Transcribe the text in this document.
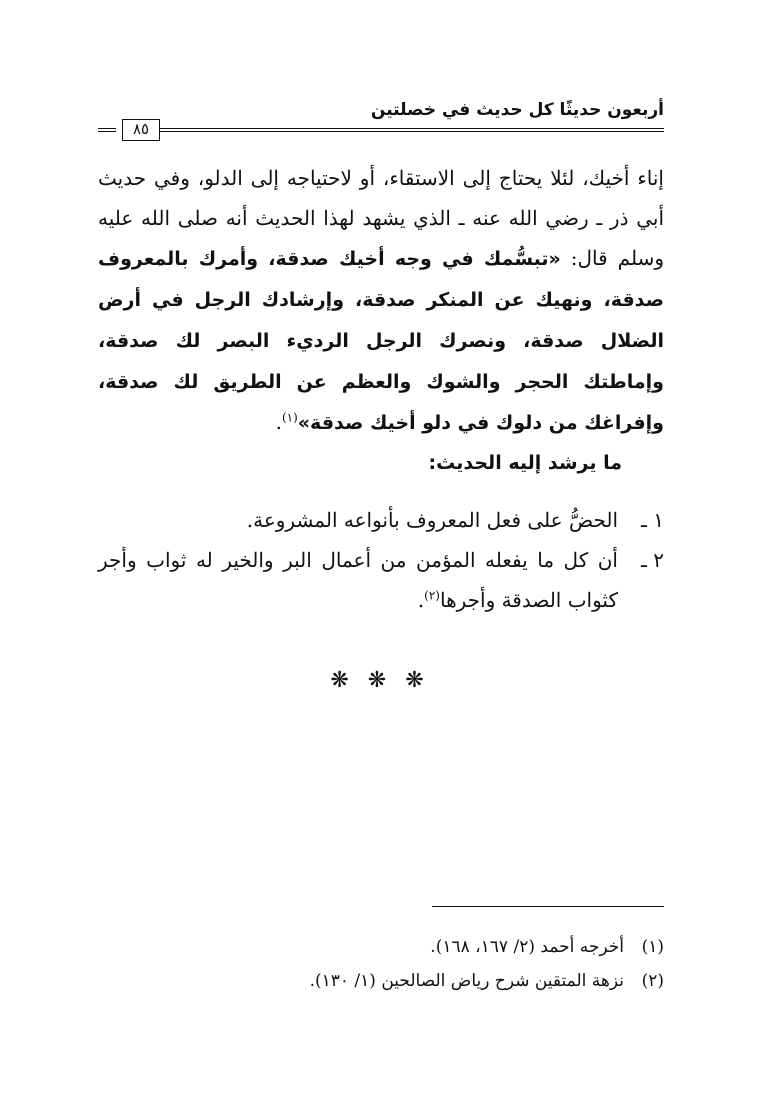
أربعون حديثًا كل حديث في خصلتين
٨٥

إناء أخيك، لئلا يحتاج إلى الاستقاء، أو لاحتياجه إلى الدلو، وفي حديث أبي ذر ـ رضي الله عنه ـ الذي يشهد لهذا الحديث أنه صلى الله عليه وسلم قال: «تبسُّمك في وجه أخيك صدقة، وأمرك بالمعروف صدقة، ونهيك عن المنكر صدقة، وإرشادك الرجل في أرض الضلال صدقة، ونصرك الرجل الرديء البصر لك صدقة، وإماطتك الحجر والشوك والعظم عن الطريق لك صدقة، وإفراغك من دلوك في دلو أخيك صدقة»$^{(١)}$.

ما يرشد إليه الحديث:
١ ـ
الحضُّ على فعل المعروف بأنواعه المشروعة.
٢ ـ
أن كل ما يفعله المؤمن من أعمال البر والخير له ثواب وأجر كثواب الصدقة وأجرها$^{(٢)}$.
❋ ❋ ❋
(١)
أخرجه أحمد (٢/ ١٦٧، ١٦٨).
(٢)
نزهة المتقين شرح رياض الصالحين (١/ ١٣٠).
